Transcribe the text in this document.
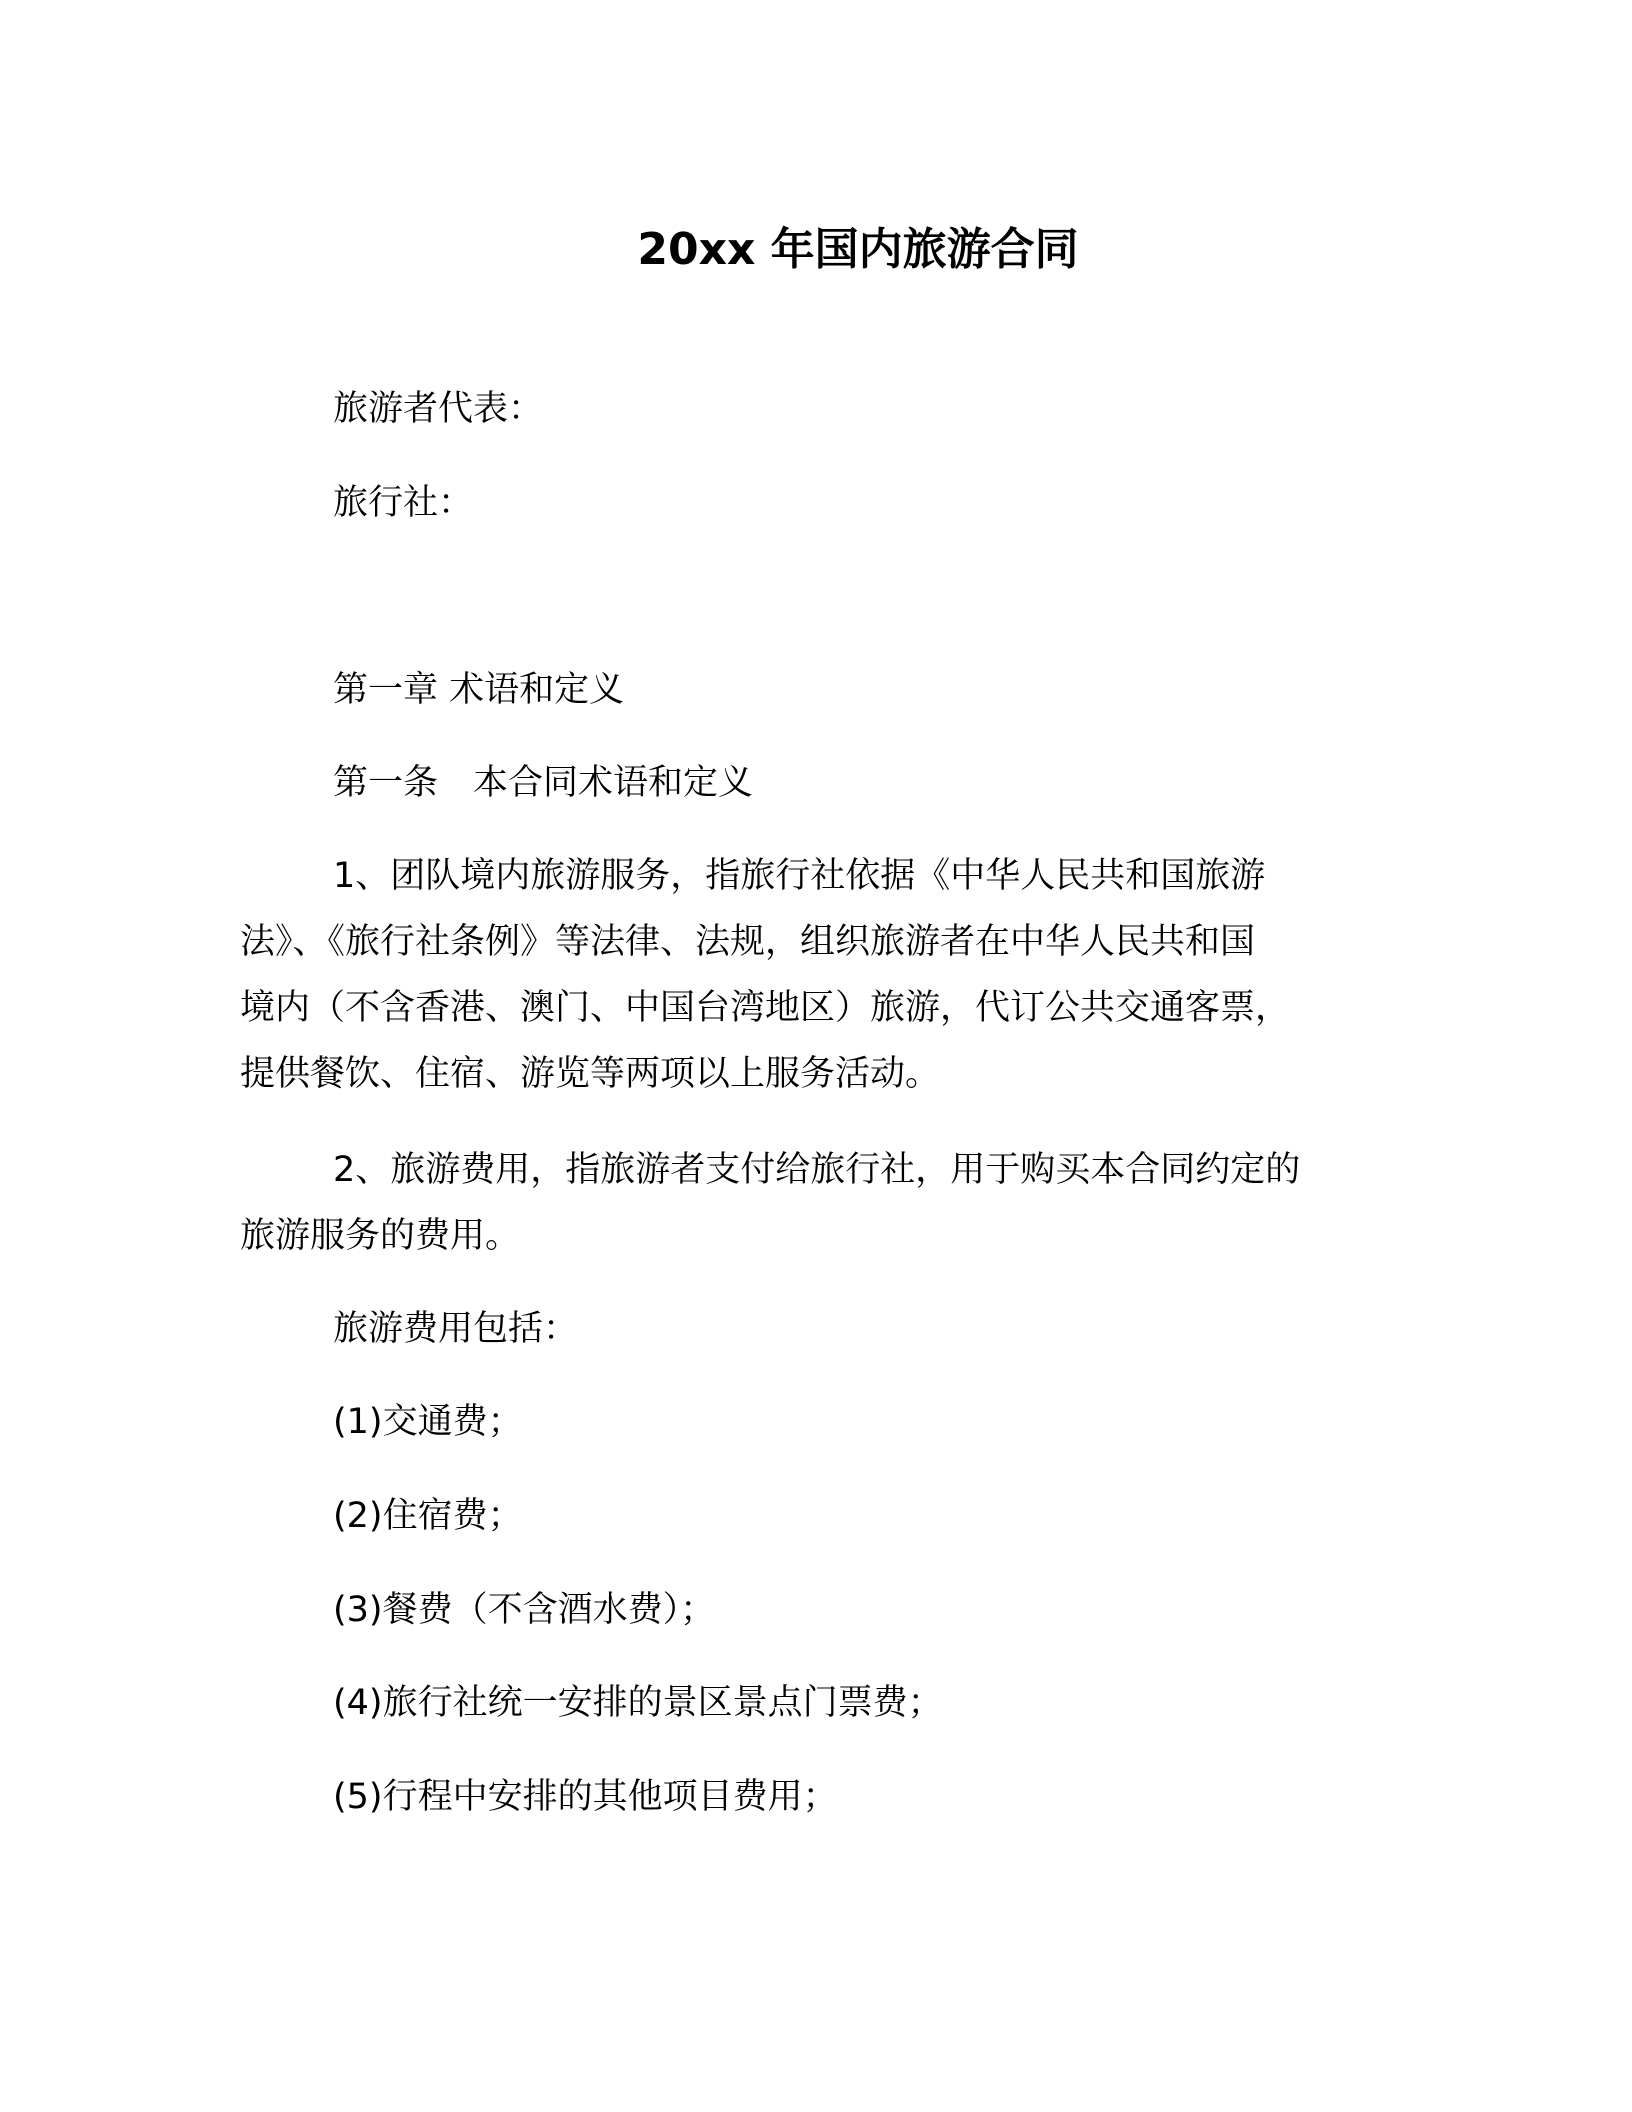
20xx 年国内旅游合同
旅游者代表：
旅行社：
第一章 术语和定义
第一条　本合同术语和定义
1、团队境内旅游服务，指旅行社依据《中华人民共和国旅游
法》、《旅行社条例》等法律、法规，组织旅游者在中华人民共和国
境内（不含香港、澳门、中国台湾地区）旅游，代订公共交通客票，
提供餐饮、住宿、游览等两项以上服务活动。
2、旅游费用，指旅游者支付给旅行社，用于购买本合同约定的
旅游服务的费用。
旅游费用包括：
(1)交通费；
(2)住宿费；
(3)餐费（不含酒水费）；
(4)旅行社统一安排的景区景点门票费；
(5)行程中安排的其他项目费用；
